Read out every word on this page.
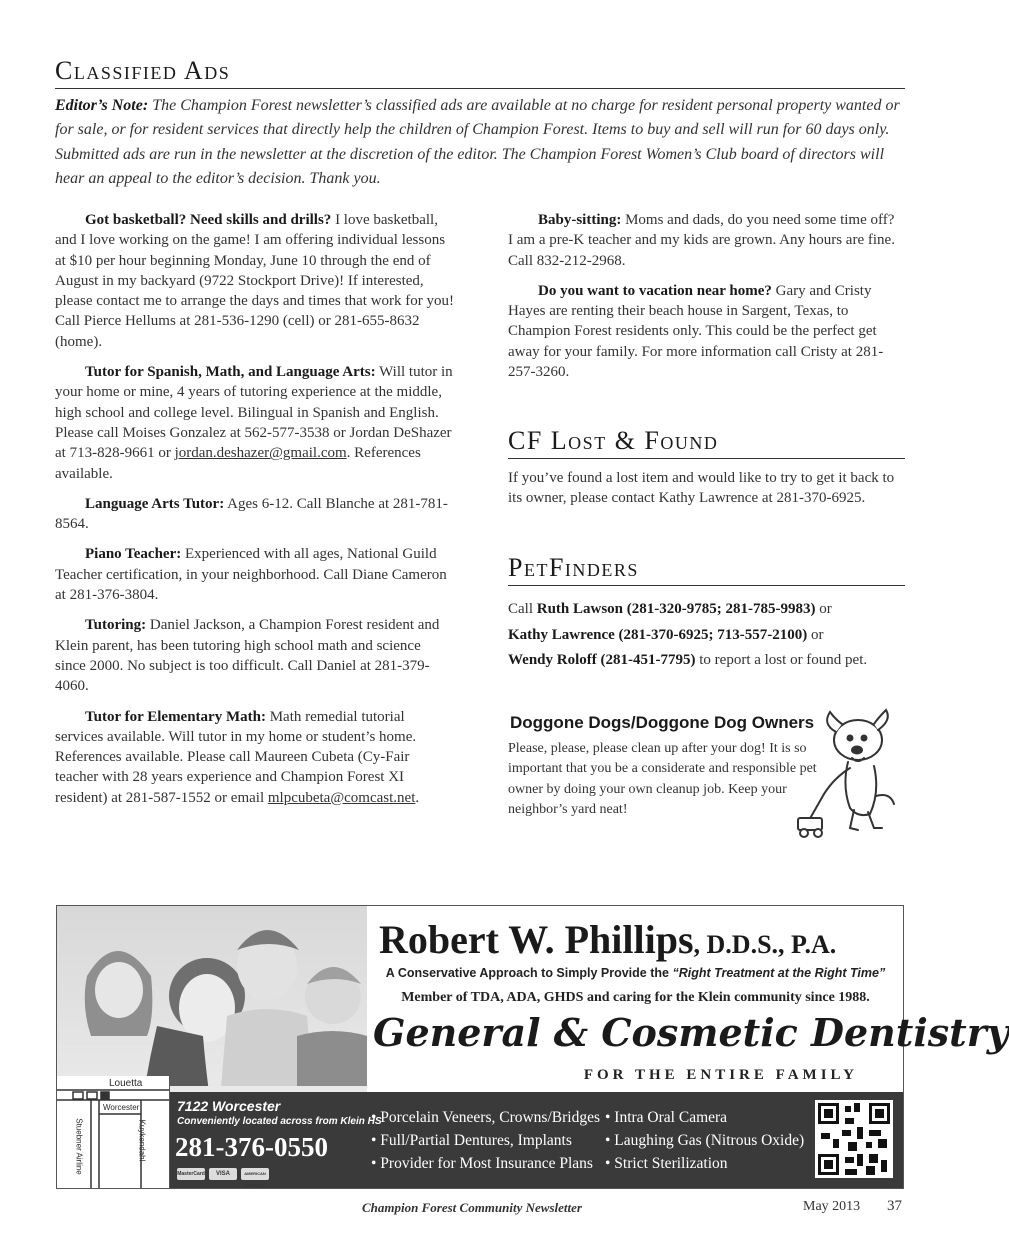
Classified Ads
Editor’s Note: The Champion Forest newsletter’s classified ads are available at no charge for resident personal property wanted or for sale, or for resident services that directly help the children of Champion Forest. Items to buy and sell will run for 60 days only. Submitted ads are run in the newsletter at the discretion of the editor. The Champion Forest Women’s Club board of directors will hear an appeal to the editor’s decision. Thank you.

Got basketball? Need skills and drills? I love basketball, and I love working on the game! I am offering individual lessons at $10 per hour beginning Monday, June 10 through the end of August in my backyard (9722 Stockport Drive)! If interested, please contact me to arrange the days and times that work for you! Call Pierce Hellums at 281-536-1290 (cell) or 281-655-8632 (home).

Tutor for Spanish, Math, and Language Arts: Will tutor in your home or mine, 4 years of tutoring experience at the middle, high school and college level. Bilingual in Spanish and English. Please call Moises Gonzalez at 562-577-3538 or Jordan DeShazer at 713-828-9661 or jordan.deshazer@gmail.com. References available.

Language Arts Tutor: Ages 6-12. Call Blanche at 281-781-8564.

Piano Teacher: Experienced with all ages, National Guild Teacher certification, in your neighborhood. Call Diane Cameron at 281-376-3804.

Tutoring: Daniel Jackson, a Champion Forest resident and Klein parent, has been tutoring high school math and science since 2000. No subject is too difficult. Call Daniel at 281-379-4060.

Tutor for Elementary Math: Math remedial tutorial services available. Will tutor in my home or student’s home. References available. Please call Maureen Cubeta (Cy-Fair teacher with 28 years experience and Champion Forest XI resident) at 281-587-1552 or email mlpcubeta@comcast.net.

Baby-sitting: Moms and dads, do you need some time off? I am a pre-K teacher and my kids are grown. Any hours are fine. Call 832-212-2968.

Do you want to vacation near home? Gary and Cristy Hayes are renting their beach house in Sargent, Texas, to Champion Forest residents only. This could be the perfect get away for your family. For more information call Cristy at 281-257-3260.

CF Lost & Found
If you’ve found a lost item and would like to try to get it back to its owner, please contact Kathy Lawrence at 281-370-6925.
PetFinders
Call Ruth Lawson (281-320-9785; 281-785-9983) or
Kathy Lawrence (281-370-6925; 713-557-2100) or
Wendy Roloff (281-451-7795) to report a lost or found pet.
Doggone Dogs/Doggone Dog Owners
Please, please, please clean up after your dog! It is so important that you be a considerate and responsible pet owner by doing your own cleanup job. Keep your neighbor’s yard neat!
Robert W. Phillips, D.D.S., P.A.
A Conservative Approach to Simply Provide the “Right Treatment at the Right Time”
Member of TDA, ADA, GHDS and caring for the Klein community since 1988.
General & Cosmetic Dentistry
FOR THE ENTIRE FAMILY
Louetta
Worcester
Stuebner Airline	Kuykendahl
7122 Worcester
Conveniently located across from Klein HS
281-376-0550
MasterCard VISA	AMERICAN EXPRESS
• Porcelain Veneers, Crowns/Bridges
• Full/Partial Dentures, Implants
• Provider for Most Insurance Plans
• Intra Oral Camera
• Laughing Gas (Nitrous Oxide)
• Strict Sterilization
Champion Forest Community Newsletter	May 2013 37
